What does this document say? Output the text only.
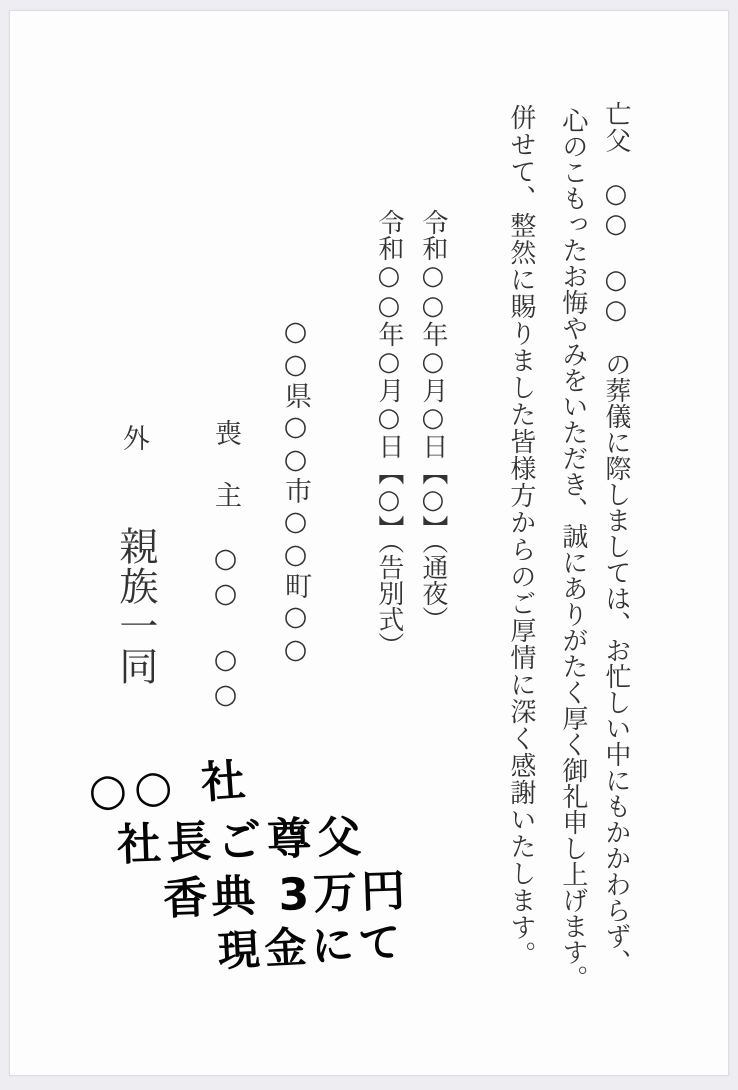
亡父　○○　○○　の葬儀に際しましては、お忙しい中にもかかわらず、
心のこもったお悔やみをいただき、誠にありがたく厚く御礼申し上げます。
併せて、整然に賜りました皆様方からのご厚情に深く感謝いたします。
令和○○年○月○日【○】（通夜）
令和○○年○月○日【○】（告別式）
○○県○○市○○町○○
喪　主　○○　○○
外
親族一同
○○ 社
社長ご尊父
香典 3万円
現金にて
